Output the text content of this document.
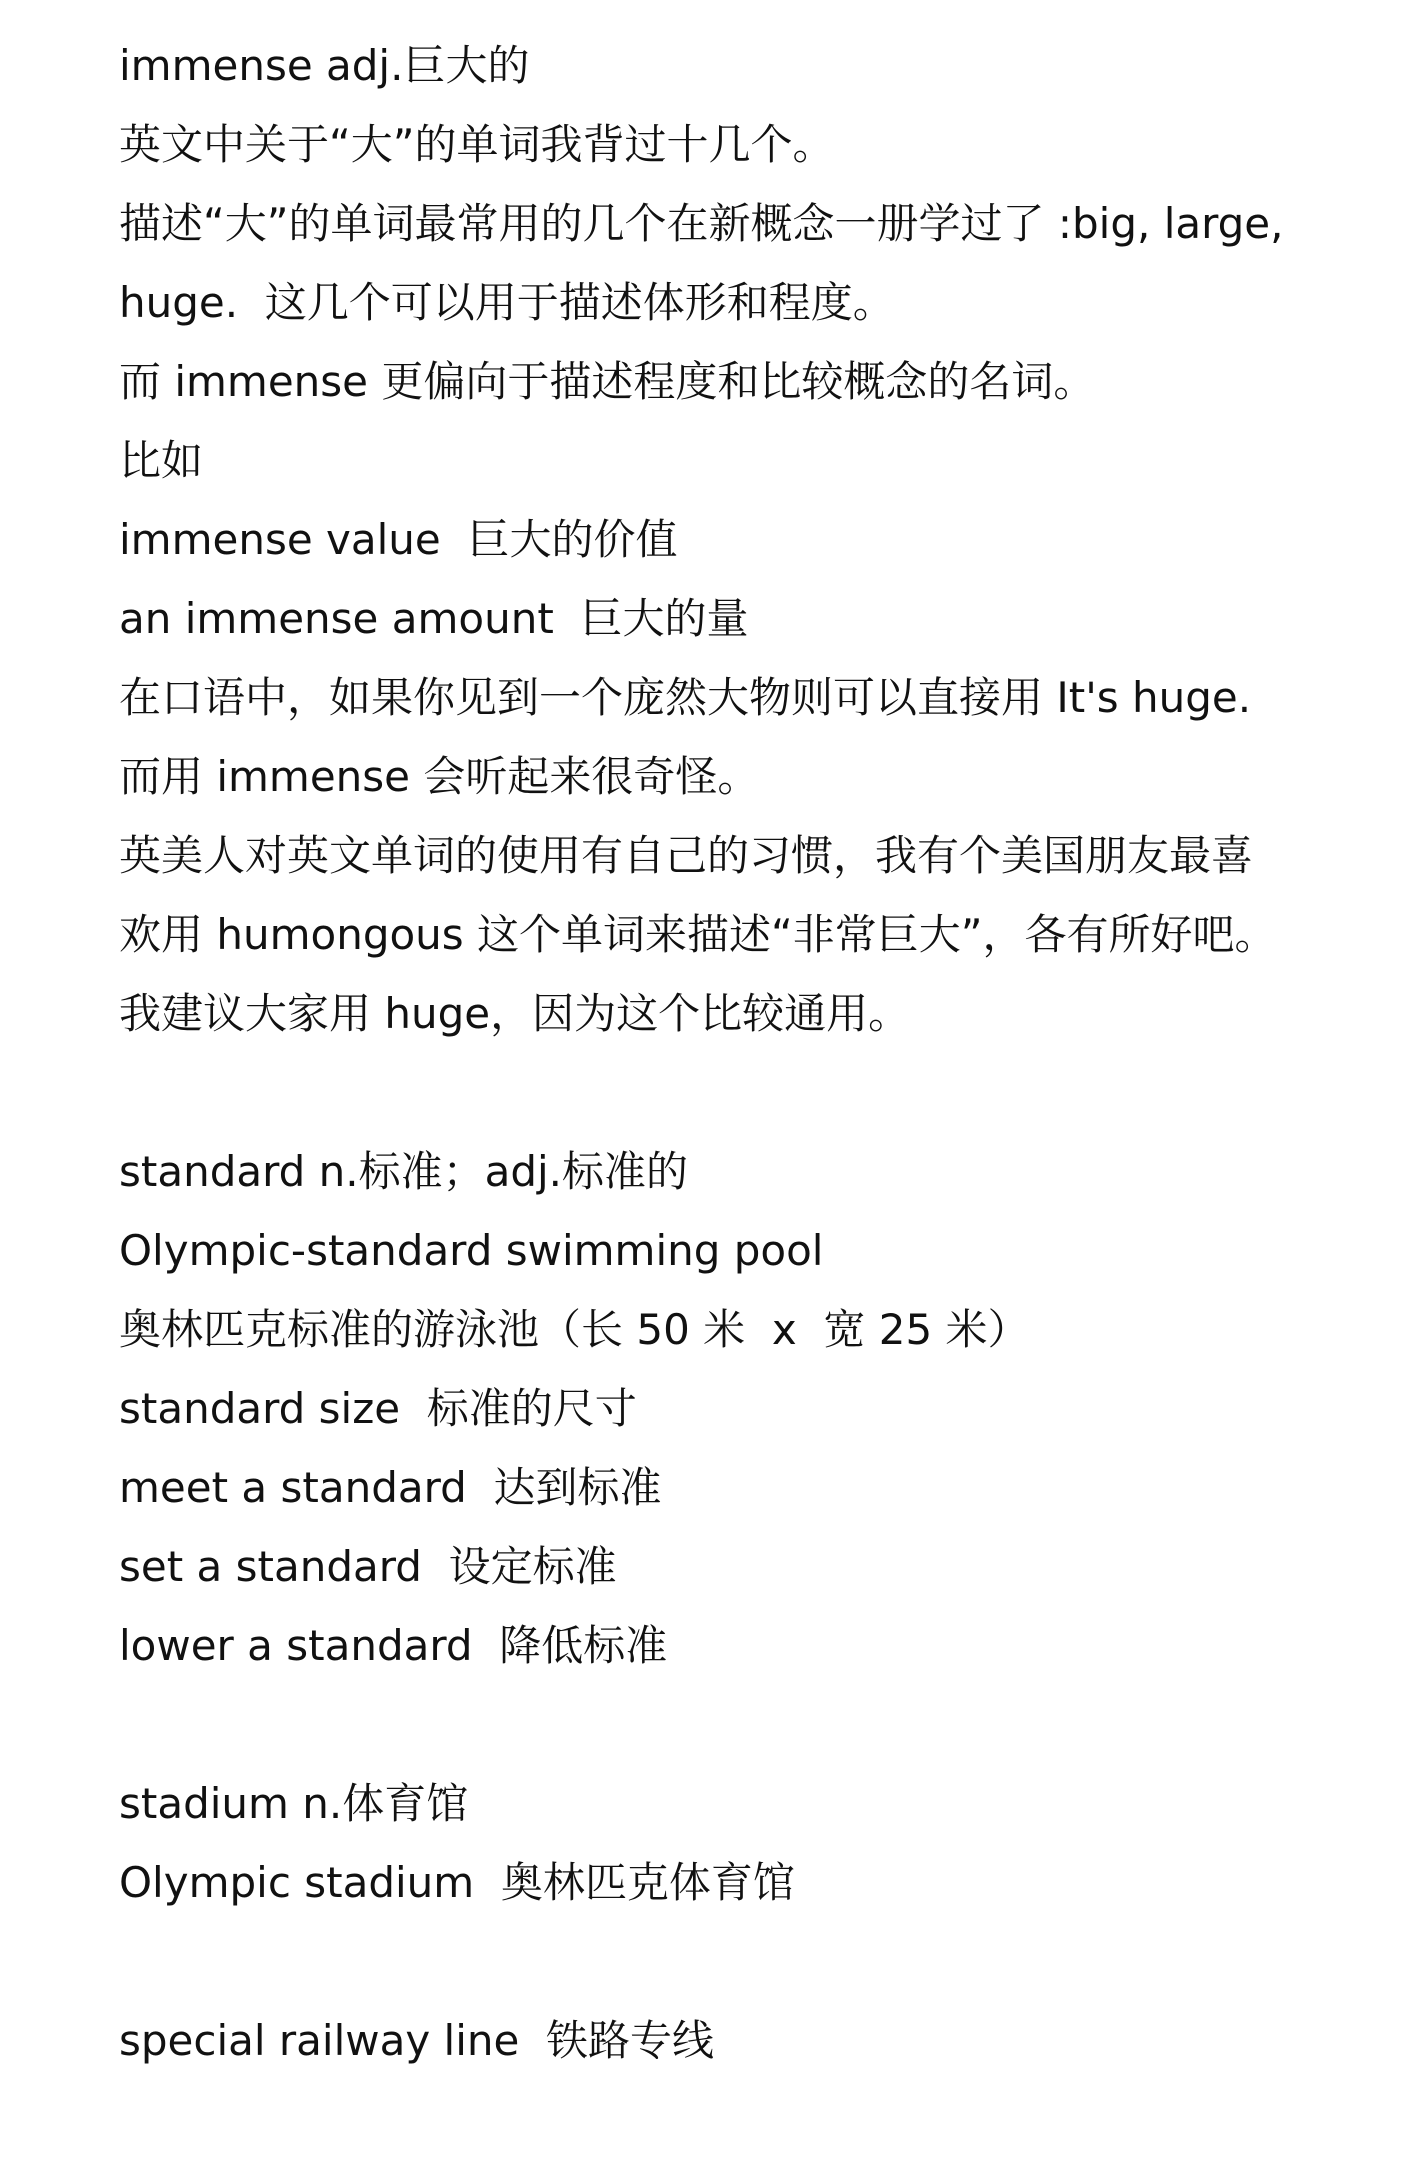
immense adj.巨大的
英文中关于“大”的单词我背过十几个。
描述“大”的单词最常用的几个在新概念一册学过了 :big, large,
huge.  这几个可以用于描述体形和程度。
而 immense 更偏向于描述程度和比较概念的名词。
比如
immense value  巨大的价值
an immense amount  巨大的量
在口语中，如果你见到一个庞然大物则可以直接用 It's huge.
而用 immense 会听起来很奇怪。
英美人对英文单词的使用有自己的习惯，我有个美国朋友最喜
欢用 humongous 这个单词来描述“非常巨大”，各有所好吧。
我建议大家用 huge，因为这个比较通用。
standard n.标准；adj.标准的
Olympic-standard swimming pool
奥林匹克标准的游泳池（长 50 米  x  宽 25 米）
standard size  标准的尺寸
meet a standard  达到标准
set a standard  设定标准
lower a standard  降低标准
stadium n.体育馆
Olympic stadium  奥林匹克体育馆
special railway line  铁路专线
